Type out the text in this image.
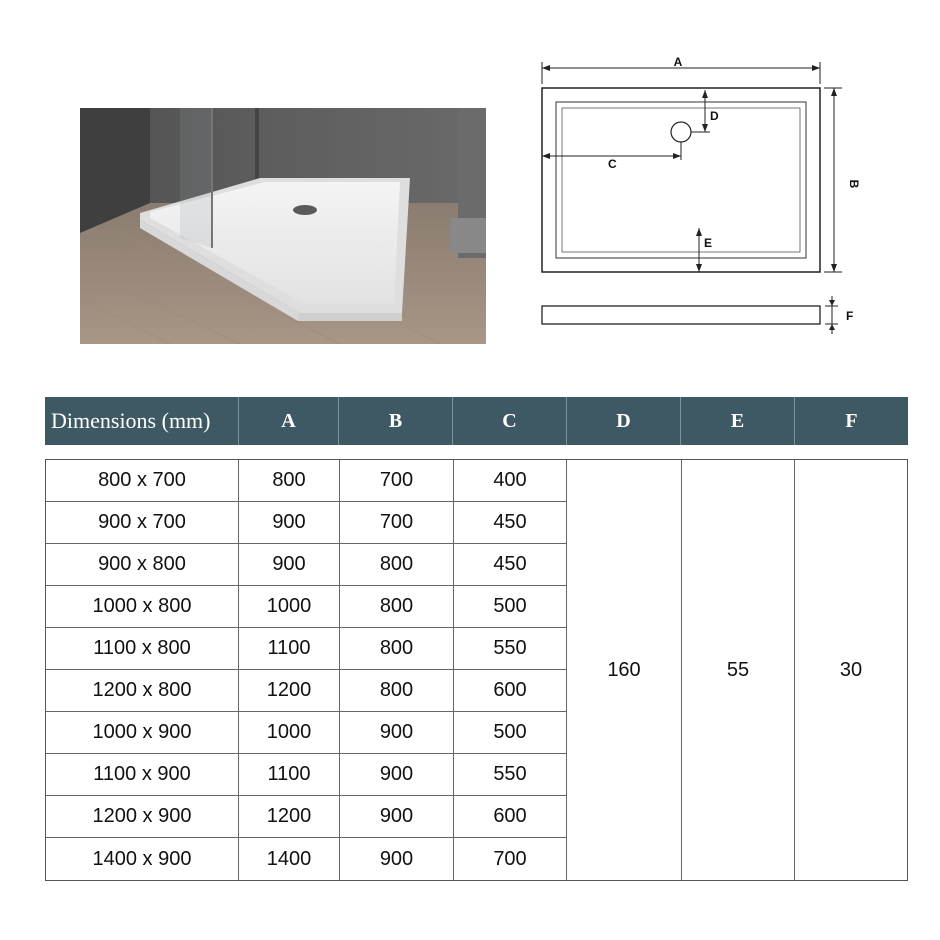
A
D
C
E
B
F
Dimensions (mm)	A	B	C	D	E	F
160	55	30
800 x 700	800	700	400
900 x 700	900	700	450
900 x 800	900	800	450
1000 x 800	1000	800	500
1100 x 800	1100	800	550
1200 x 800	1200	800	600
1000 x 900	1000	900	500
1100 x 900	1100	900	550
1200 x 900	1200	900	600
1400 x 900	1400	900	700
